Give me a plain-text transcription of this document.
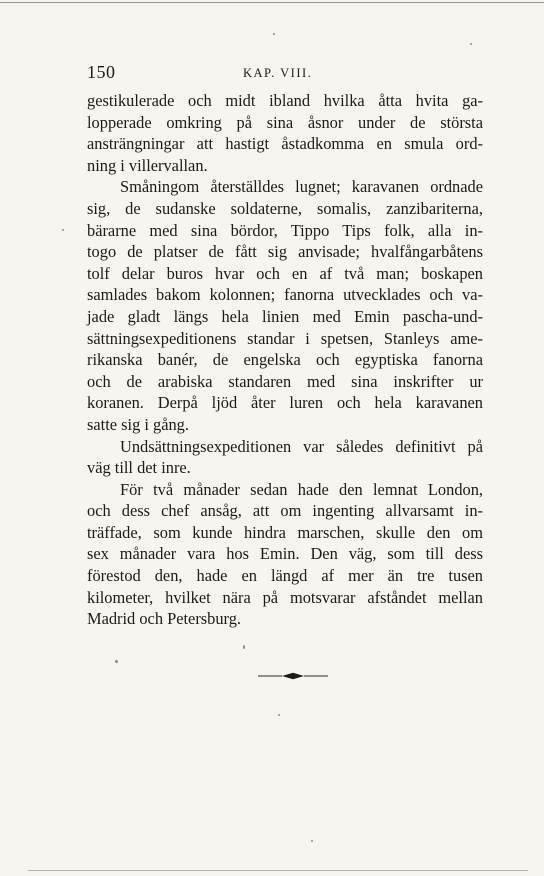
150	KAP. VIII.
gestikulerade och midt ibland hvilka åtta hvita ga-
lopperade omkring på sina åsnor under de största
ansträngningar att hastigt åstadkomma en smula ord-
ning i villervallan.
Småningom återställdes lugnet; karavanen ordnade
sig, de sudanske soldaterne, somalis, zanzibariterna,
bärarne med sina bördor, Tippo Tips folk, alla in-
togo de platser de fått sig anvisade; hvalfångarbåtens
tolf delar buros hvar och en af två man; boskapen
samlades bakom kolonnen; fanorna utvecklades och va-
jade gladt längs hela linien med Emin pascha-und-
sättningsexpeditionens standar i spetsen, Stanleys ame-
rikanska banér, de engelska och egyptiska fanorna
och de arabiska standaren med sina inskrifter ur
koranen. Derpå ljöd åter luren och hela karavanen
satte sig i gång.
Undsättningsexpeditionen var således definitivt på
väg till det inre.
För två månader sedan hade den lemnat London,
och dess chef ansåg, att om ingenting allvarsamt in-
träffade, som kunde hindra marschen, skulle den om
sex månader vara hos Emin. Den väg, som till dess
förestod den, hade en längd af mer än tre tusen
kilometer, hvilket nära på motsvarar afståndet mellan
Madrid och Petersburg.
